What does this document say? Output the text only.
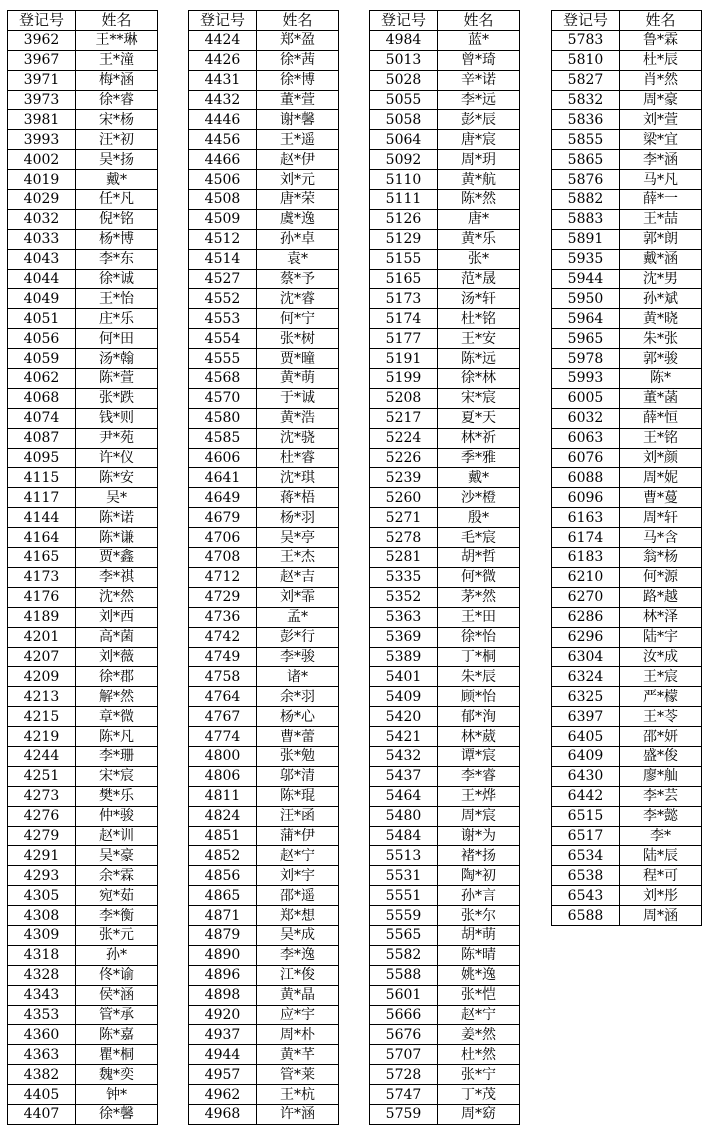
登记号	姓名
3962	王**琳
3967	王*潼
3971	梅*涵
3973	徐*睿
3981	宋*杨
3993	汪*初
4002	吴*扬
4019	戴*
4029	任*凡
4032	倪*铭
4033	杨*博
4043	李*东
4044	徐*诚
4049	王*怡
4051	庄*乐
4056	何*田
4059	汤*翰
4062	陈*萱
4068	张*跌
4074	钱*则
4087	尹*苑
4095	许*仪
4115	陈*安
4117	吴*
4144	陈*诺
4164	陈*谦
4165	贾*鑫
4173	李*祺
4176	沈*然
4189	刘*西
4201	高*菌
4207	刘*薇
4209	徐*郡
4213	解*然
4215	章*微
4219	陈*凡
4244	李*珊
4251	宋*宸
4273	樊*乐
4276	仲*骏
4279	赵*训
4291	吴*豪
4293	余*霖
4305	宛*茹
4308	李*衡
4309	张*元
4318	孙*
4328	佟*谕
4343	侯*涵
4353	管*承
4360	陈*嘉
4363	瞿*桐
4382	魏*奕
4405	钟*
4407	徐*馨
登记号	姓名
4424	郑*盈
4426	徐*茜
4431	徐*博
4432	董*萱
4446	谢*馨
4456	王*遥
4466	赵*伊
4506	刘*元
4508	唐*荣
4509	虞*逸
4512	孙*卓
4514	袁*
4527	蔡*予
4552	沈*睿
4553	何*宁
4554	张*树
4555	贾*曈
4568	黄*萌
4570	于*诚
4580	黄*浩
4585	沈*骁
4606	杜*睿
4641	沈*琪
4649	蒋*梧
4679	杨*羽
4706	吴*亭
4708	王*杰
4712	赵*吉
4729	刘*霏
4736	孟*
4742	彭*行
4749	李*骏
4758	诸*
4764	余*羽
4767	杨*心
4774	曹*蕾
4800	张*勉
4806	邬*清
4811	陈*琨
4824	汪*函
4851	蒲*伊
4852	赵*宁
4856	刘*宇
4865	邵*遥
4871	郑*想
4879	吴*成
4890	李*逸
4896	江*俊
4898	黄*晶
4920	应*宇
4937	周*朴
4944	黄*芊
4957	管*莱
4962	王*杭
4968	许*涵
登记号	姓名
4984	蓝*
5013	曾*琦
5028	辛*诺
5055	李*远
5058	彭*辰
5064	唐*宸
5092	周*玥
5110	黄*航
5111	陈*然
5126	唐*
5129	黄*乐
5155	张*
5165	范*晟
5173	汤*轩
5174	杜*铭
5177	王*安
5191	陈*远
5199	徐*林
5208	宋*宸
5217	夏*天
5224	林*祈
5226	季*雅
5239	戴*
5260	沙*橙
5271	殷*
5278	毛*宸
5281	胡*哲
5335	何*微
5352	茅*然
5363	王*田
5369	徐*怡
5389	丁*桐
5401	朱*辰
5409	顾*怡
5420	郁*洵
5421	林*葳
5432	谭*宸
5437	李*睿
5464	王*烨
5480	周*宸
5484	谢*为
5513	褚*扬
5531	陶*初
5551	孙*言
5559	张*尔
5565	胡*萌
5582	陈*晴
5588	姚*逸
5601	张*恺
5666	赵*宁
5676	姜*然
5707	杜*然
5728	张*宁
5747	丁*茂
5759	周*窈
登记号	姓名
5783	鲁*霖
5810	杜*辰
5827	肖*然
5832	周*豪
5836	刘*萱
5855	梁*宜
5865	李*涵
5876	马*凡
5882	薛*一
5883	王*喆
5891	郭*朗
5935	戴*涵
5944	沈*男
5950	孙*斌
5964	黄*晓
5965	朱*张
5978	郭*骏
5993	陈*
6005	董*菡
6032	薛*恒
6063	王*铭
6076	刘*颜
6088	周*妮
6096	曹*蔓
6163	周*轩
6174	马*含
6183	翁*杨
6210	何*源
6270	路*越
6286	林*泽
6296	陆*宇
6304	汝*成
6324	王*宸
6325	严*檬
6397	王*苓
6405	邵*妍
6409	盛*俊
6430	廖*舢
6442	李*芸
6515	李*懿
6517	李*
6534	陆*辰
6538	程*可
6543	刘*彤
6588	周*涵
